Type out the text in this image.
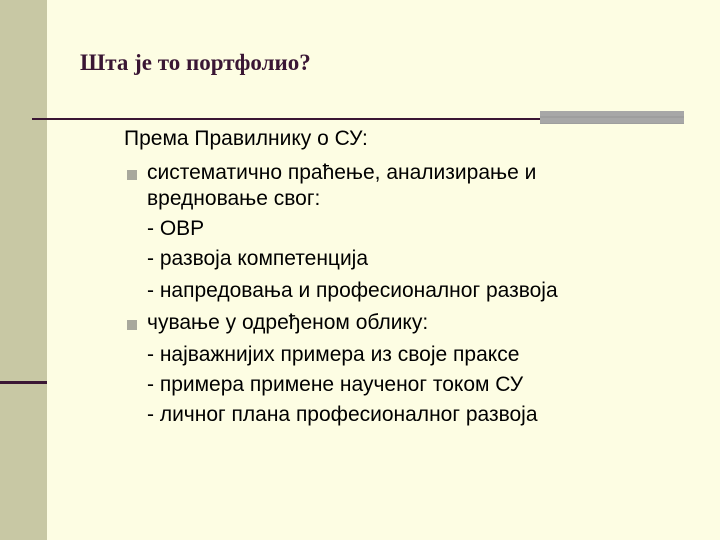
Шта је то портфолио?
Према Правилнику о СУ:
систематично праћење, анализирање и
вредновање свог:
- ОВР
- развоја компетенција
- напредовања и професионалног развоја
чување у одређеном облику:
- најважнијих примера из своје праксе
- примера примене наученог током СУ
- личног плана професионалног развоја
